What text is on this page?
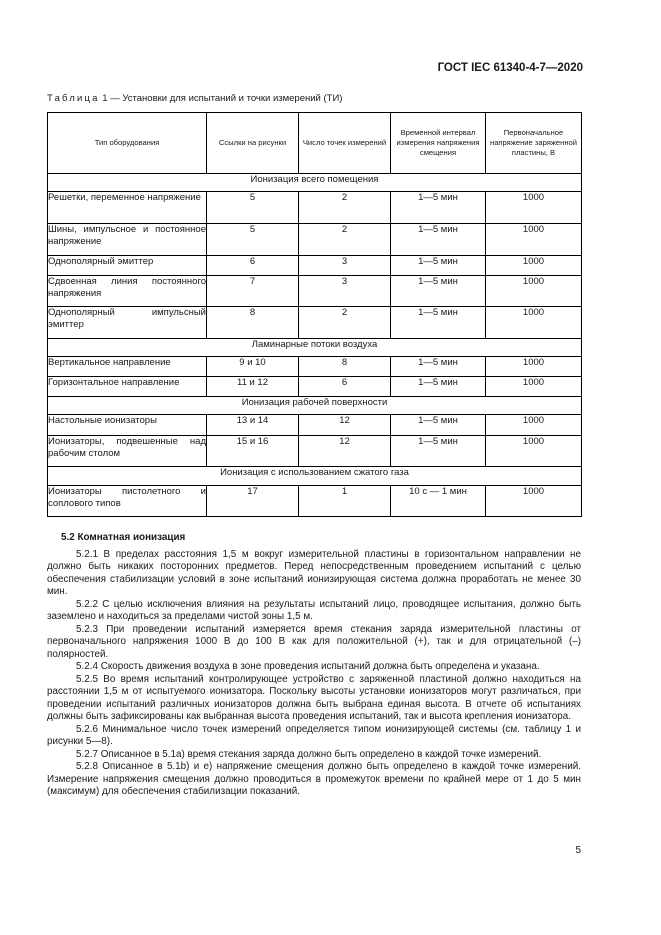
ГОСТ IEC 61340-4-7—2020
Таблица 1 — Установки для испытаний и точки измерений (ТИ)
Тип оборудования	Ссылки на рисунки	Число точек измерений	Временной интервал измерения напряжения смещения	Первоначальное напряжение заряженной пластины, В
Ионизация всего помещения				
Решетки, переменное напряжение	5	2	1—5 мин	1000
Шины, импульсное и постоянное напряжение	5	2	1—5 мин	1000
Однополярный эмиттер	6	3	1—5 мин	1000
Сдвоенная линия постоянного напряжения	7	3	1—5 мин	1000
Однополярный импульсный эмиттер	8	2	1—5 мин	1000
Ламинарные потоки воздуха				
Вертикальное направление	9 и 10	8	1—5 мин	1000
Горизонтальное направление	11 и 12	6	1—5 мин	1000
Ионизация рабочей поверхности				
Настольные ионизаторы	13 и 14	12	1—5 мин	1000
Ионизаторы, подвешенные над рабочим столом	15 и 16	12	1—5 мин	1000
Ионизация с использованием сжатого газа				
Ионизаторы пистолетного и соплового типов	17	1	10 с — 1 мин	1000

5.2 Комнатная ионизация

5.2.1 В пределах расстояния 1,5 м вокруг измерительной пластины в горизонтальном направлении не должно быть никаких посторонних предметов. Перед непосредственным проведением испытаний с целью обеспечения стабилизации условий в зоне испытаний ионизирующая система должна проработать не менее 30 мин.

5.2.2 С целью исключения влияния на результаты испытаний лицо, проводящее испытания, должно быть заземлено и находиться за пределами чистой зоны 1,5 м.

5.2.3 При проведении испытаний измеряется время стекания заряда измерительной пластины от первоначального напряжения 1000 В до 100 В как для положительной (+), так и для отрицательной (–) полярностей.

5.2.4 Скорость движения воздуха в зоне проведения испытаний должна быть определена и указана.

5.2.5 Во время испытаний контролирующее устройство с заряженной пластиной должно находиться на расстоянии 1,5 м от испытуемого ионизатора. Поскольку высоты установки ионизаторов могут различаться, при проведении испытаний различных ионизаторов должна быть выбрана единая высота. В отчете об испытаниях должны быть зафиксированы как выбранная высота проведения испытаний, так и высота крепления ионизатора.

5.2.6 Минимальное число точек измерений определяется типом ионизирующей системы (см. таблицу 1 и рисунки 5—8).

5.2.7 Описанное в 5.1а) время стекания заряда должно быть определено в каждой точке измерений.

5.2.8 Описанное в 5.1b) и е) напряжение смещения должно быть определено в каждой точке измерений. Измерение напряжения смещения должно проводиться в промежуток времени по крайней мере от 1 до 5 мин (максимум) для обеспечения стабилизации показаний.

5
